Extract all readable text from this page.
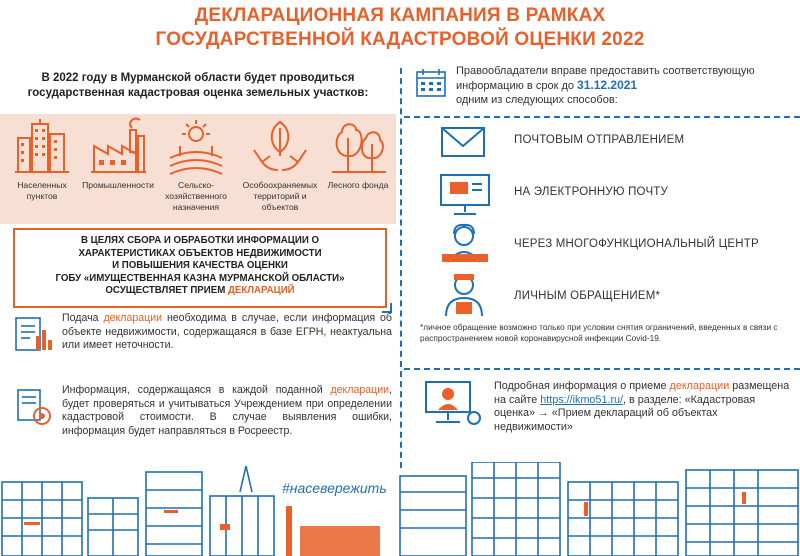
ДЕКЛАРАЦИОННАЯ КАМПАНИЯ В РАМКАХ
ГОСУДАРСТВЕННОЙ КАДАСТРОВОЙ ОЦЕНКИ 2022
В 2022 году в Мурманской области будет проводиться государственная кадастровая оценка земельных участков:
Населенных пунктов
Промышленности	Сельско-хозяйственного назначения
Особоохраняемых территорий и объектов
Лесного фонда
В ЦЕЛЯХ СБОРА И ОБРАБОТКИ ИНФОРМАЦИИ О
ХАРАКТЕРИСТИКАХ ОБЪЕКТОВ НЕДВИЖИМОСТИ
И ПОВЫШЕНИЯ КАЧЕСТВА ОЦЕНКИ
ГОБУ «ИМУЩЕСТВЕННАЯ КАЗНА МУРМАНСКОЙ ОБЛАСТИ»
ОСУЩЕСТВЛЯЕТ ПРИЕМ ДЕКЛАРАЦИЙ
Подача декларации необходима в случае, если информация об объекте недвижимости, содержащаяся в базе ЕГРН, неактуальна или имеет неточности.
Информация, содержащаяся в каждой поданной декларации, будет проверяться и учитываться Учреждением при определении кадастровой стоимости. В случае выявления ошибки, информация будет направляться в Росреестр.
Правообладатели вправе предоставить соответствующую информацию в срок до 31.12.2021
одним из следующих способов:
ПОЧТОВЫМ ОТПРАВЛЕНИЕМ
НА ЭЛЕКТРОННУЮ ПОЧТУ
ЧЕРЕЗ МНОГОФУНКЦИОНАЛЬНЫЙ ЦЕНТР
ЛИЧНЫМ ОБРАЩЕНИЕМ*
*личное обращение возможно только при условии снятия ограничений, введенных в связи с распространением новой коронавирусной инфекции Covid-19.
Подробная информация о приеме декларации размещена на сайте https://ikmo51.ru/, в разделе: «Кадастровая оценка» → «Прием деклараций об объектах недвижимости»
#насевережить
